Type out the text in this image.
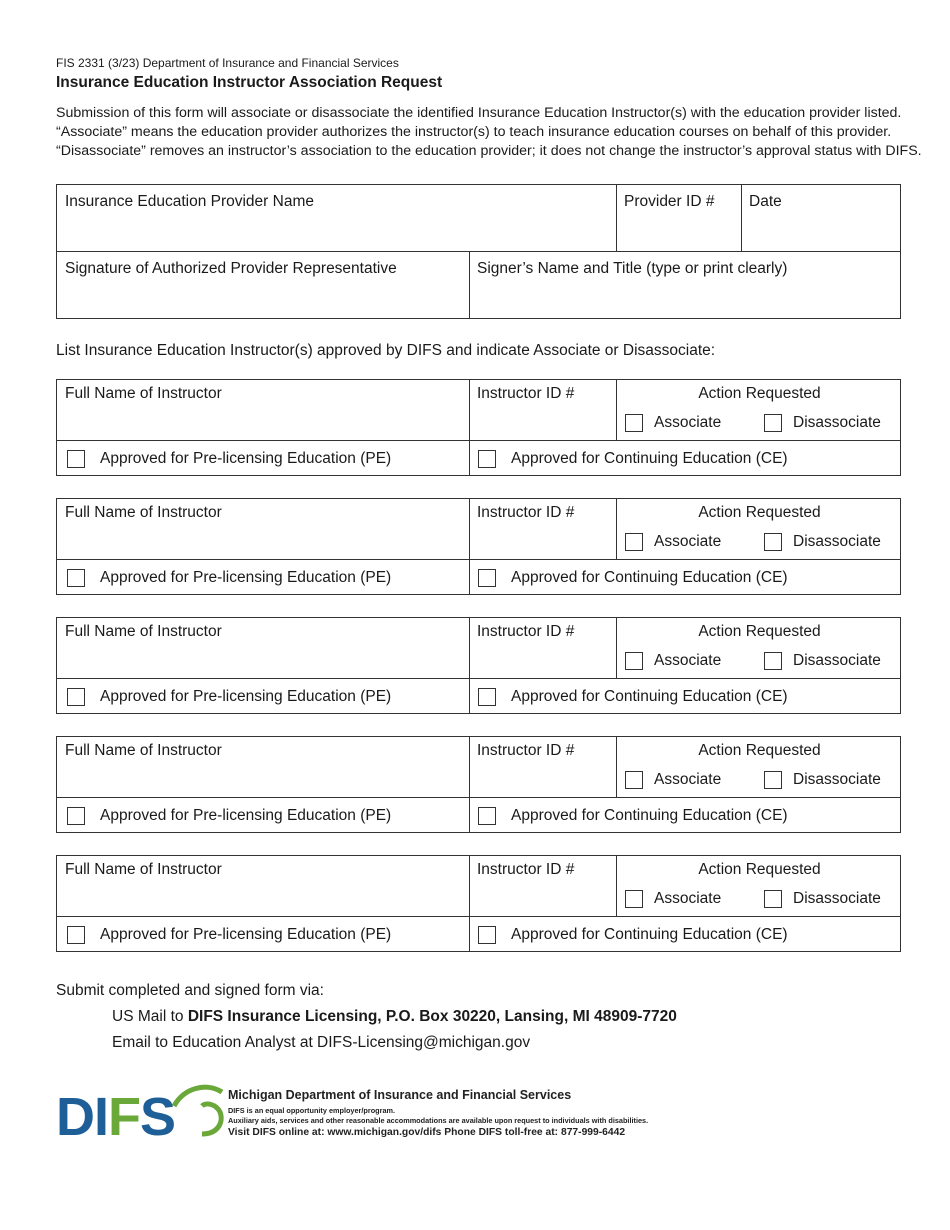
FIS 2331 (3/23) Department of Insurance and Financial Services
Insurance Education Instructor Association Request
Submission of this form will associate or disassociate the identified Insurance Education Instructor(s) with the education provider listed.
“Associate” means the education provider authorizes the instructor(s) to teach insurance education courses on behalf of this provider.
“Disassociate” removes an instructor’s association to the education provider; it does not change the instructor’s approval status with DIFS.
Insurance Education Provider Name	Provider ID # Date
Signature of Authorized Provider Representative	Signer’s Name and Title (type or print clearly)
List Insurance Education Instructor(s) approved by DIFS and indicate Associate or Disassociate:
Full Name of Instructor	Instructor ID #	Action Requested
Associate	Disassociate
Approved for Pre-licensing Education (PE)	Approved for Continuing Education (CE)
Full Name of Instructor	Instructor ID #	Action Requested
Associate	Disassociate
Approved for Pre-licensing Education (PE)	Approved for Continuing Education (CE)
Full Name of Instructor	Instructor ID #	Action Requested
Associate	Disassociate
Approved for Pre-licensing Education (PE)	Approved for Continuing Education (CE)
Full Name of Instructor	Instructor ID #	Action Requested
Associate	Disassociate
Approved for Pre-licensing Education (PE)	Approved for Continuing Education (CE)
Full Name of Instructor	Instructor ID #	Action Requested
Associate	Disassociate
Approved for Pre-licensing Education (PE)	Approved for Continuing Education (CE)
Submit completed and signed form via:
US Mail to DIFS Insurance Licensing, P.O. Box 30220, Lansing, MI 48909-7720
Email to Education Analyst at DIFS-Licensing@michigan.gov
DIFS	Michigan Department of Insurance and Financial Services
DIFS is an equal opportunity employer/program.
Auxiliary aids, services and other reasonable accommodations are available upon request to individuals with disabilities.
Visit DIFS online at: www.michigan.gov/difs Phone DIFS toll-free at: 877-999-6442
